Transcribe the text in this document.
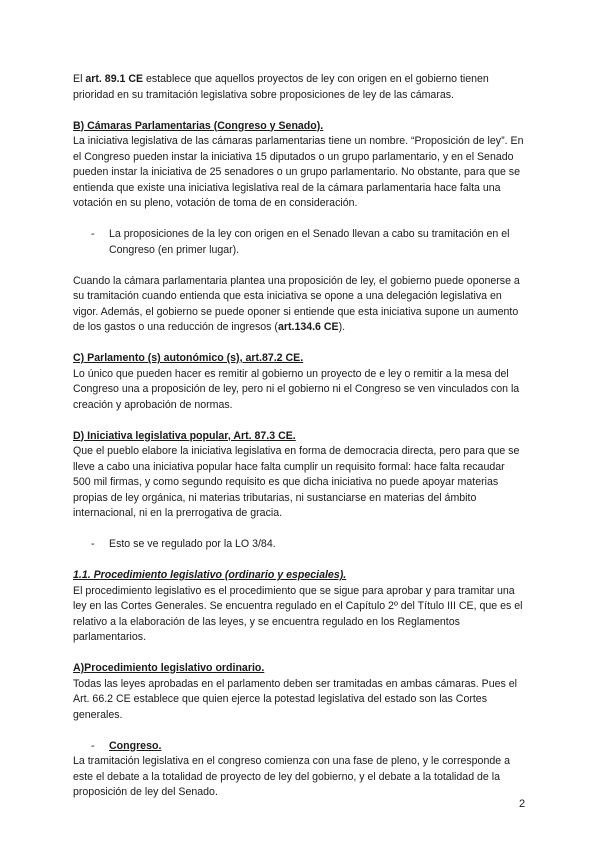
El art. 89.1 CE establece que aquellos proyectos de ley con origen en el gobierno tienen prioridad en su tramitación legislativa sobre proposiciones de ley de las cámaras.

B) Cámaras Parlamentarias (Congreso y Senado).

La iniciativa legislativa de las cámaras parlamentarias tiene un nombre. “Proposición de ley”. En el Congreso pueden instar la iniciativa 15 diputados o un grupo parlamentario, y en el Senado pueden instar la iniciativa de 25 senadores o un grupo parlamentario. No obstante, para que se entienda que existe una iniciativa legislativa real de la cámara parlamentaria hace falta una votación en su pleno, votación de toma de en consideración.

-	La proposiciones de la ley con origen en el Senado llevan a cabo su tramitación en el Congreso (en primer lugar).

Cuando la cámara parlamentaria plantea una proposición de ley, el gobierno puede oponerse a su tramitación cuando entienda que esta iniciativa se opone a una delegación legislativa en vigor. Además, el gobierno se puede oponer si entiende que esta iniciativa supone un aumento de los gastos o una reducción de ingresos (art.134.6 CE).

C) Parlamento (s) autonómico (s), art.87.2 CE.

Lo único que pueden hacer es remitir al gobierno un proyecto de e ley o remitir a la mesa del Congreso una a proposición de ley, pero ni el gobierno ni el Congreso se ven vinculados con la creación y aprobación de normas.

D) Iniciativa legislativa popular, Art. 87.3 CE.

Que el pueblo elabore la iniciativa legislativa en forma de democracia directa, pero para que se lleve a cabo una iniciativa popular hace falta cumplir un requisito formal: hace falta recaudar 500 mil firmas, y como segundo requisito es que dicha iniciativa no puede apoyar materias propias de ley orgánica, ni materias tributarias, ni sustanciarse en materias del ámbito internacional, ni en la prerrogativa de gracia.

-	Esto se ve regulado por la LO 3/84.

1.1. Procedimiento legislativo (ordinario y especiales).

El procedimiento legislativo es el procedimiento que se sigue para aprobar y para tramitar una ley en las Cortes Generales. Se encuentra regulado en el Capítulo 2º del Título III CE, que es el relativo a la elaboración de las leyes, y se encuentra regulado en los Reglamentos parlamentarios.

A)Procedimiento legislativo ordinario.

Todas las leyes aprobadas en el parlamento deben ser tramitadas en ambas cámaras. Pues el Art. 66.2 CE establece que quien ejerce la potestad legislativa del estado son las Cortes generales.

-	Congreso.

La tramitación legislativa en el congreso comienza con una fase de pleno, y le corresponde a este el debate a la totalidad de proyecto de ley del gobierno, y el debate a la totalidad de la proposición de ley del Senado.

2
